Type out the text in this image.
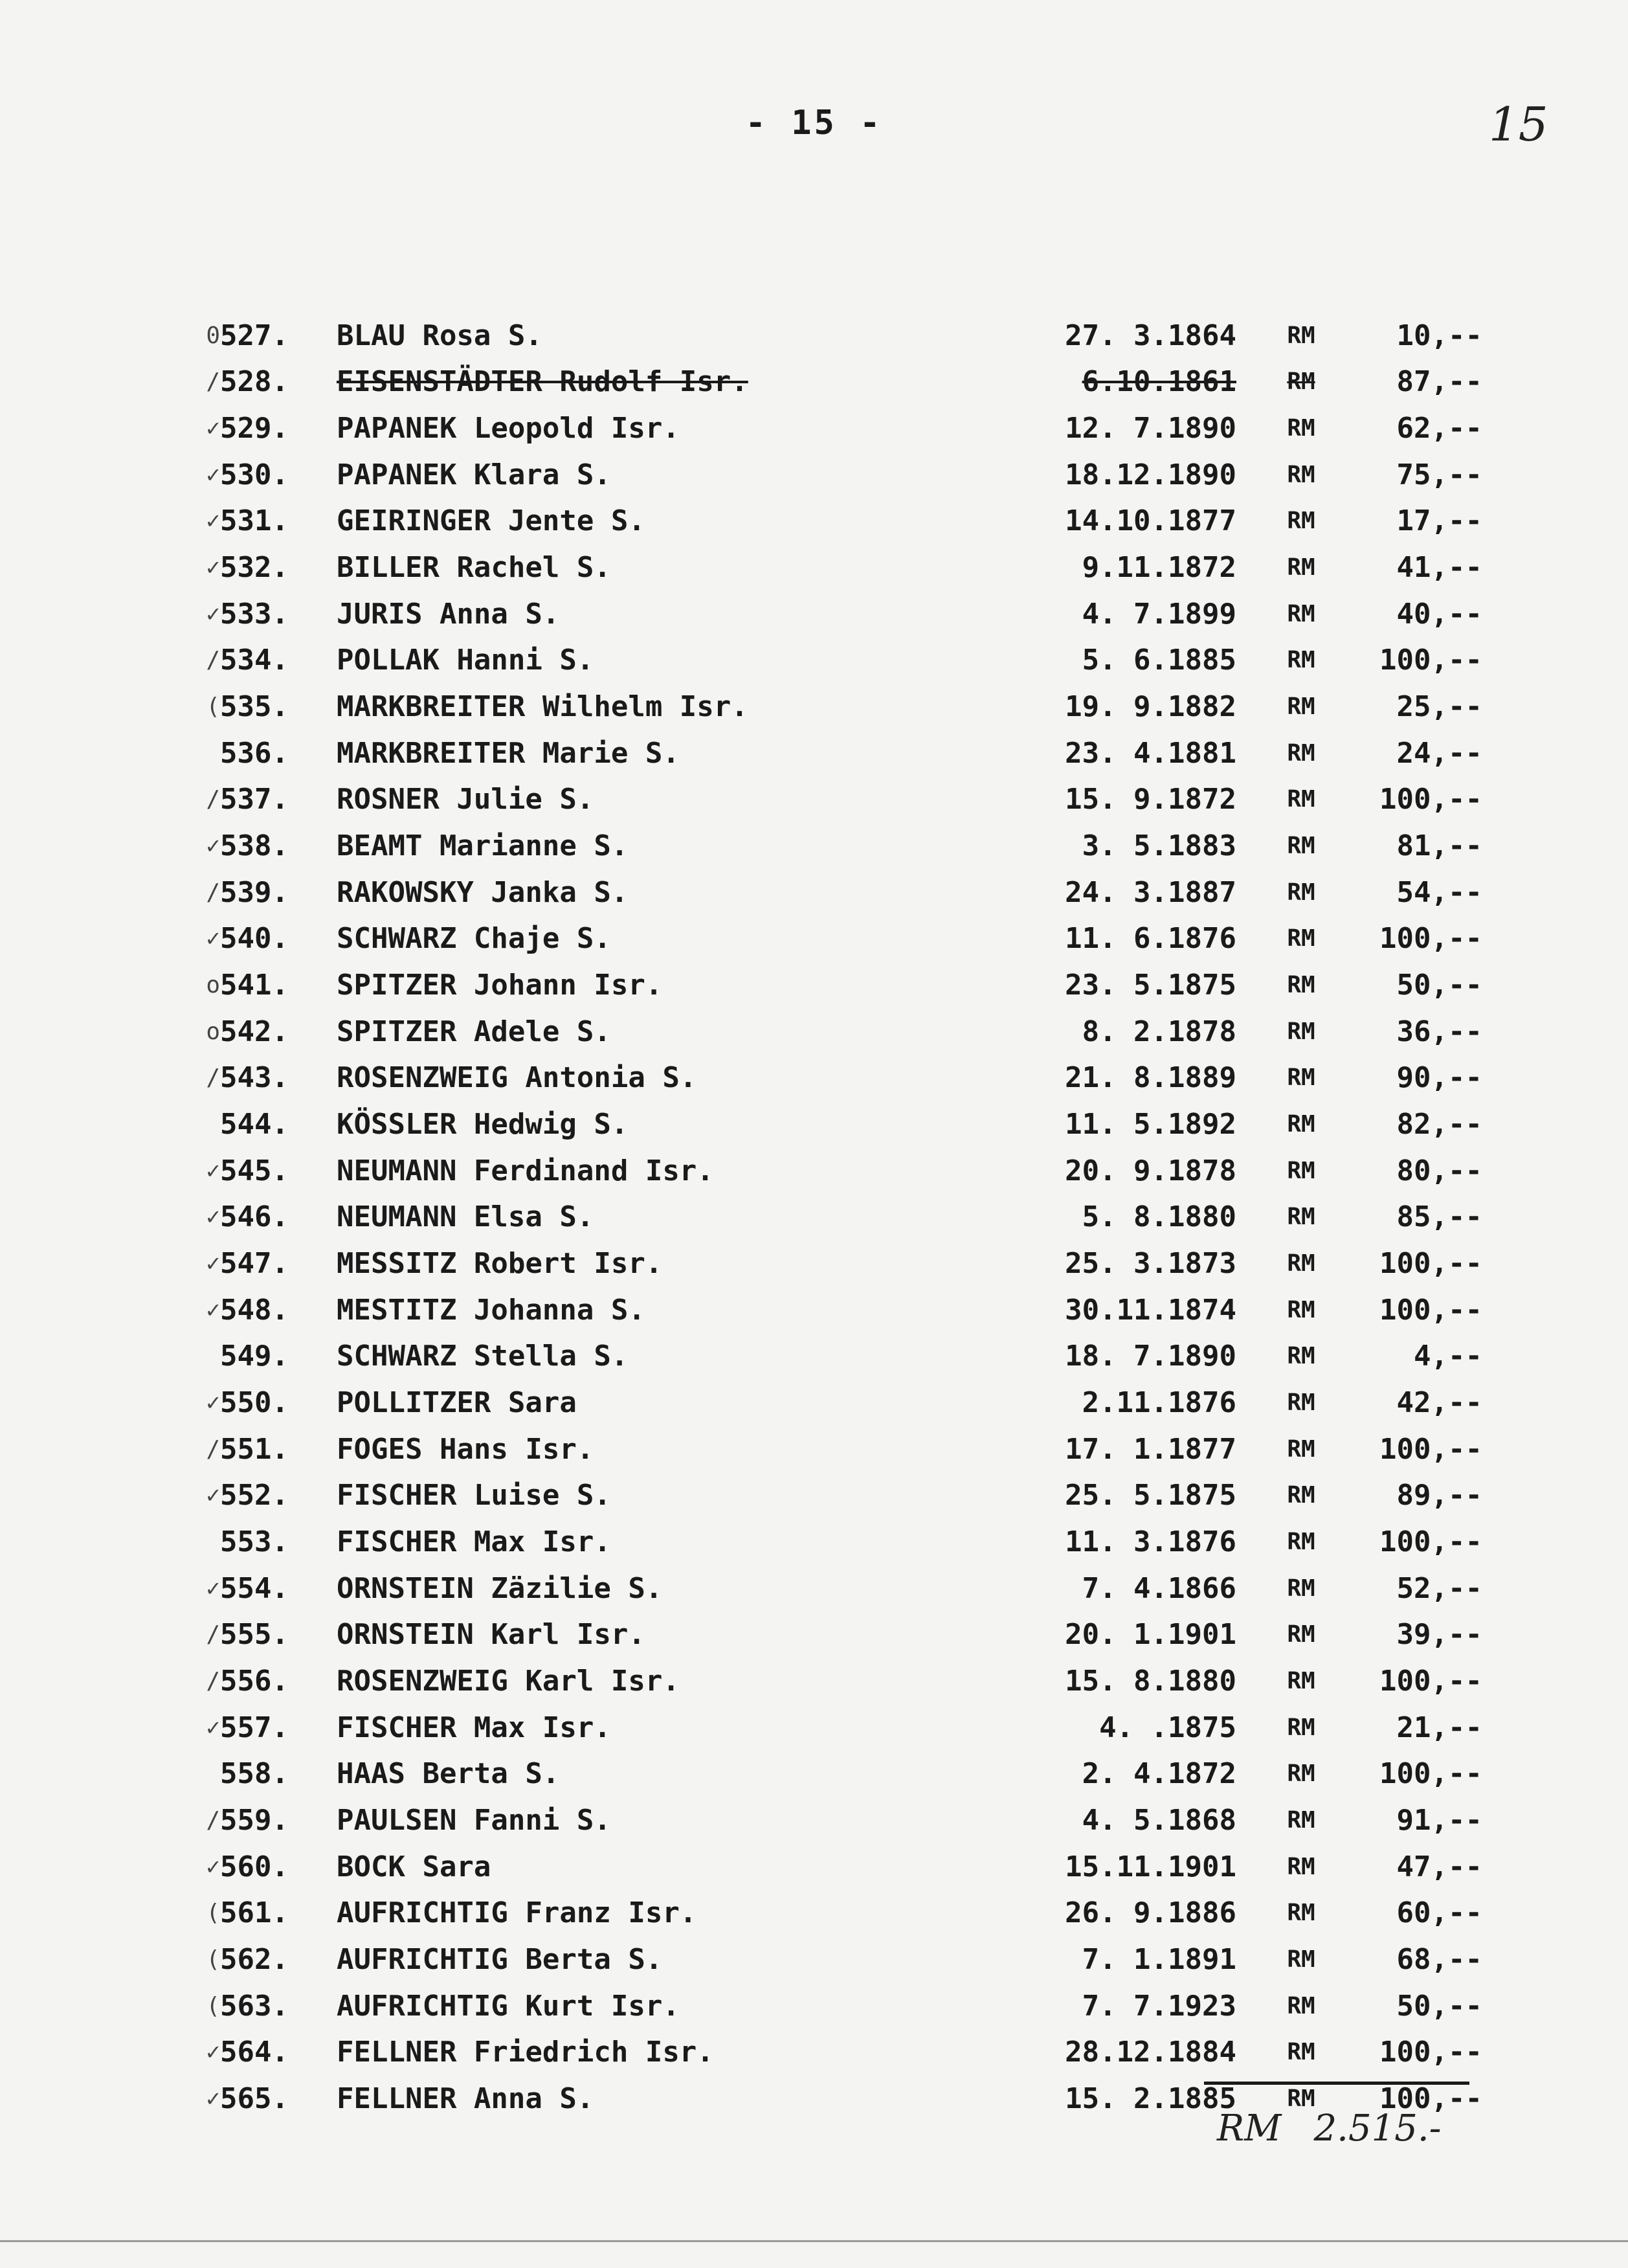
- 15 -	15
0 527.	BLAU Rosa S.	27. 3.1864	RM	10,--
/ 528.	EISENSTÄDTER Rudolf Isr.	6.10.1861	RM	87,--
✓ 529.	PAPANEK Leopold Isr.	12. 7.1890	RM	62,--
✓ 530.	PAPANEK Klara S.	18.12.1890	RM	75,--
✓ 531.	GEIRINGER Jente S.	14.10.1877	RM	17,--
✓ 532.	BILLER Rachel S.	9.11.1872	RM	41,--
✓ 533.	JURIS Anna S.	4. 7.1899	RM	40,--
/ 534.	POLLAK Hanni S.	5. 6.1885	RM	100,--
( 535.	MARKBREITER Wilhelm Isr.	19. 9.1882	RM	25,--
536.	MARKBREITER Marie S.	23. 4.1881	RM	24,--
/ 537.	ROSNER Julie S.	15. 9.1872	RM	100,--
✓ 538.	BEAMT Marianne S.	3. 5.1883	RM	81,--
/ 539.	RAKOWSKY Janka S.	24. 3.1887	RM	54,--
✓ 540.	SCHWARZ Chaje S.	11. 6.1876	RM	100,--
o 541.	SPITZER Johann Isr.	23. 5.1875	RM	50,--
o 542.	SPITZER Adele S.	8. 2.1878	RM	36,--
/ 543.	ROSENZWEIG Antonia S.	21. 8.1889	RM	90,--
544.	KÖSSLER Hedwig S.	11. 5.1892	RM	82,--
✓ 545.	NEUMANN Ferdinand Isr.	20. 9.1878	RM	80,--
✓ 546.	NEUMANN Elsa S.	5. 8.1880	RM	85,--
✓ 547.	MESSITZ Robert Isr.	25. 3.1873	RM	100,--
✓ 548.	MESTITZ Johanna S.	30.11.1874	RM	100,--
549.	SCHWARZ Stella S.	18. 7.1890	RM	4,--
✓ 550.	POLLITZER Sara	2.11.1876	RM	42,--
/ 551.	FOGES Hans Isr.	17. 1.1877	RM	100,--
✓ 552.	FISCHER Luise S.	25. 5.1875	RM	89,--
553.	FISCHER Max Isr.	11. 3.1876	RM	100,--
✓ 554.	ORNSTEIN Zäzilie S.	7. 4.1866	RM	52,--
/ 555.	ORNSTEIN Karl Isr.	20. 1.1901	RM	39,--
/ 556.	ROSENZWEIG Karl Isr.	15. 8.1880	RM	100,--
✓ 557.	FISCHER Max Isr.	4. .1875	RM	21,--
558.	HAAS Berta S.	2. 4.1872	RM	100,--
/ 559.	PAULSEN Fanni S.	4. 5.1868	RM	91,--
✓ 560.	BOCK Sara	15.11.1901	RM	47,--
( 561.	AUFRICHTIG Franz Isr.	26. 9.1886	RM	60,--
( 562.	AUFRICHTIG Berta S.	7. 1.1891	RM	68,--
( 563.	AUFRICHTIG Kurt Isr.	7. 7.1923	RM	50,--
✓ 564.	FELLNER Friedrich Isr.	28.12.1884	RM	100,--
✓ 565.	FELLNER Anna S.	15. 2.1885	RM	100,--
RM 2.515.-
